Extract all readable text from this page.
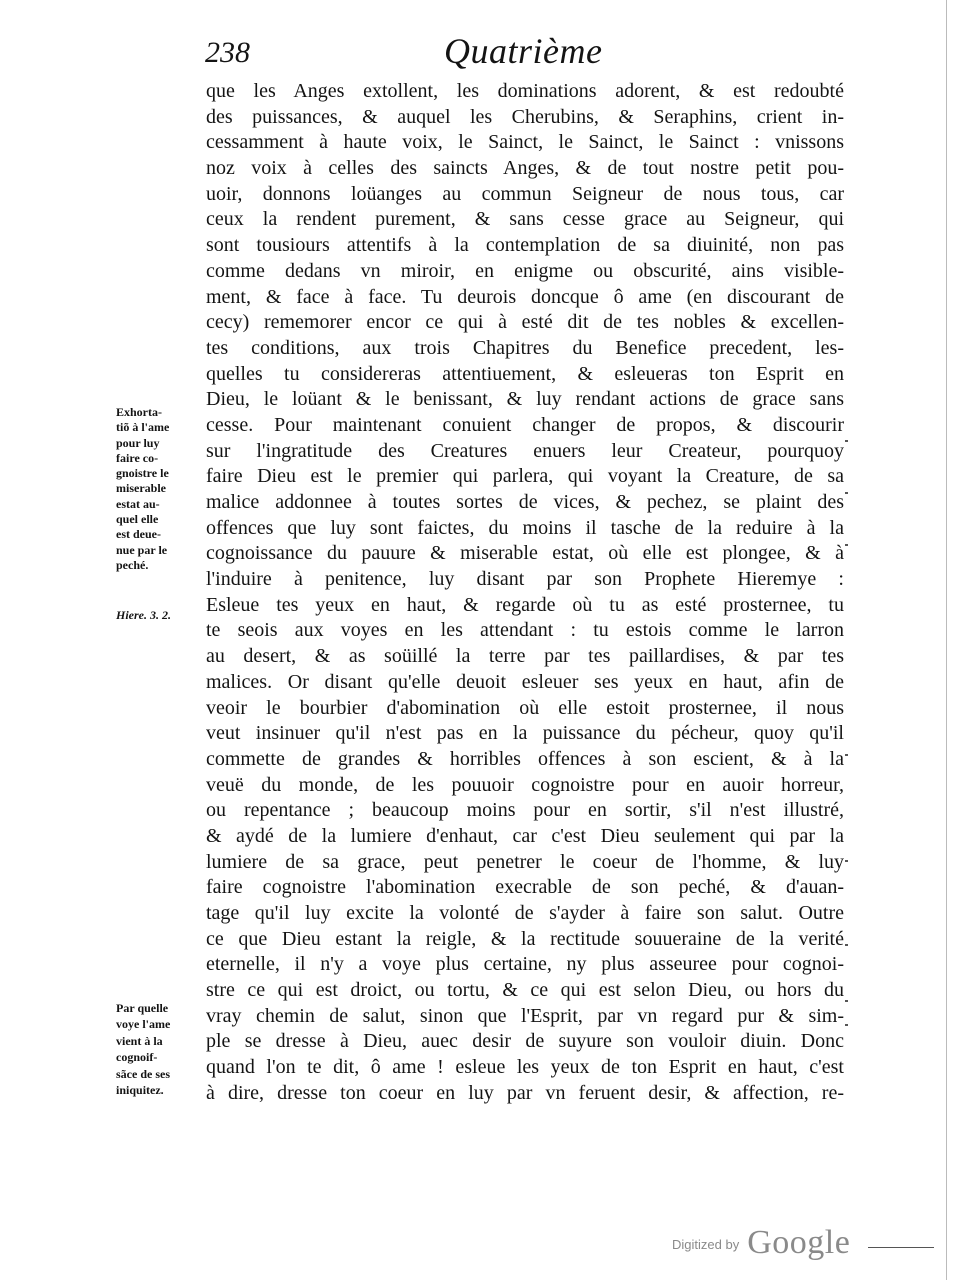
238	Quatrième
que les Anges extollent, les dominations adorent, & est redoubté
des puissances, & auquel les Cherubins, & Seraphins, crient in-
cessamment à haute voix, le Sainct, le Sainct, le Sainct : vnissons
noz voix à celles des saincts Anges, & de tout nostre petit pou-
uoir, donnons loüanges au commun Seigneur de nous tous, car
ceux la rendent purement, & sans cesse grace au Seigneur, qui
sont tousiours attentifs à la contemplation de sa diuinité, non pas
comme dedans vn miroir, en enigme ou obscurité, ains visible-
ment, & face à face. Tu deurois doncque ô ame (en discourant de
cecy) rememorer encor ce qui à esté dit de tes nobles & excellen-
tes conditions, aux trois Chapitres du Benefice precedent, les-
quelles tu considereras attentiuement, & esleueras ton Esprit en
Dieu, le loüant & le benissant, & luy rendant actions de grace sans
cesse. Pour maintenant conuient changer de propos, & discourir
sur l'ingratitude des Creatures enuers leur Createur, pourquoy
faire Dieu est le premier qui parlera, qui voyant la Creature, de sa
malice addonnee à toutes sortes de vices, & pechez, se plaint des
offences que luy sont faictes, du moins il tasche de la reduire à la
cognoissance du pauure & miserable estat, où elle est plongee, & à
l'induire à penitence, luy disant par son Prophete Hieremye :
Esleue tes yeux en haut, & regarde où tu as esté prosternee, tu
te seois aux voyes en les attendant : tu estois comme le larron
au desert, & as soüillé la terre par tes paillardises, & par tes
malices. Or disant qu'elle deuoit esleuer ses yeux en haut, afin de
veoir le bourbier d'abomination où elle estoit prosternee, il nous
veut insinuer qu'il n'est pas en la puissance du pécheur, quoy qu'il
commette de grandes & horribles offences à son escient, & à la
veuë du monde, de les pouuoir cognoistre pour en auoir horreur,
ou repentance ; beaucoup moins pour en sortir, s'il n'est illustré,
& aydé de la lumiere d'enhaut, car c'est Dieu seulement qui par la
lumiere de sa grace, peut penetrer le coeur de l'homme, & luy
faire cognoistre l'abomination execrable de son peché, & d'auan-
tage qu'il luy excite la volonté de s'ayder à faire son salut. Outre
ce que Dieu estant la reigle, & la rectitude souueraine de la verité
eternelle, il n'y a voye plus certaine, ny plus asseuree pour cognoi-
stre ce qui est droict, ou tortu, & ce qui est selon Dieu, ou hors du
vray chemin de salut, sinon que l'Esprit, par vn regard pur & sim-
ple se dresse à Dieu, auec desir de suyure son vouloir diuin. Donc
quand l'on te dit, ô ame ! esleue les yeux de ton Esprit en haut, c'est
à dire, dresse ton coeur en luy par vn feruent desir, & affection, re-
Exhorta-
tiõ à l'ame
pour luy
faire co-
gnoistre le
miserable
estat au-
quel elle
est deue-
nue par le
peché.
Hiere. 3. 2.
Par quelle
voye l'ame
vient à la
cognoif-
sãce de ses
iniquitez.
Digitized by Google
